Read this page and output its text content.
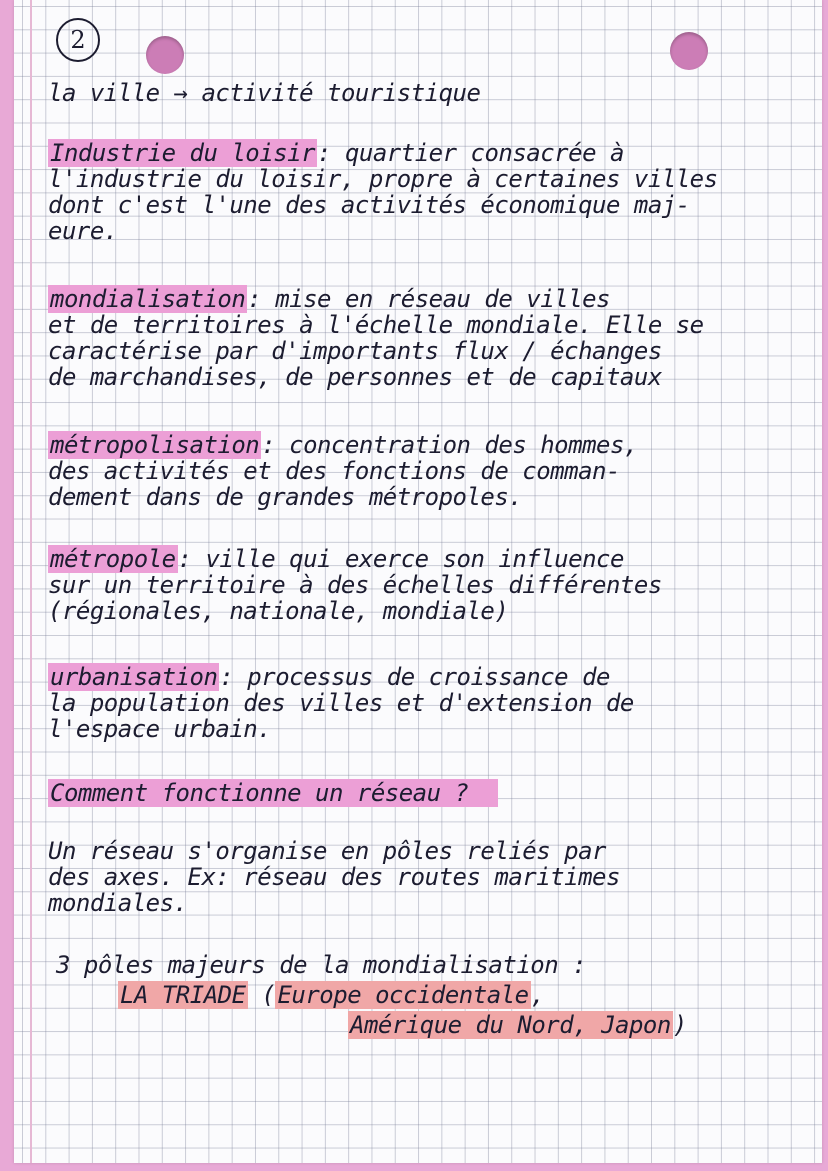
2
la ville → activité touristique
Industrie du loisir: quartier consacrée à
l'industrie du loisir, propre à certaines villes
dont c'est l'une des activités économique maj-
eure.
mondialisation: mise en réseau de villes
et de territoires à l'échelle mondiale. Elle se
caractérise par d'importants flux / échanges
de marchandises, de personnes et de capitaux
métropolisation: concentration des hommes,
des activités et des fonctions de comman-
dement dans de grandes métropoles.
métropole: ville qui exerce son influence
sur un territoire à des échelles différentes
(régionales, nationale, mondiale)
urbanisation: processus de croissance de
la population des villes et d'extension de
l'espace urbain.
Comment fonctionne un réseau ?
Un réseau s'organise en pôles reliés par
des axes. Ex: réseau des routes maritimes
mondiales.
3 pôles majeurs de la mondialisation :
LA TRIADE (Europe occidentale,
Amérique du Nord, Japon)
